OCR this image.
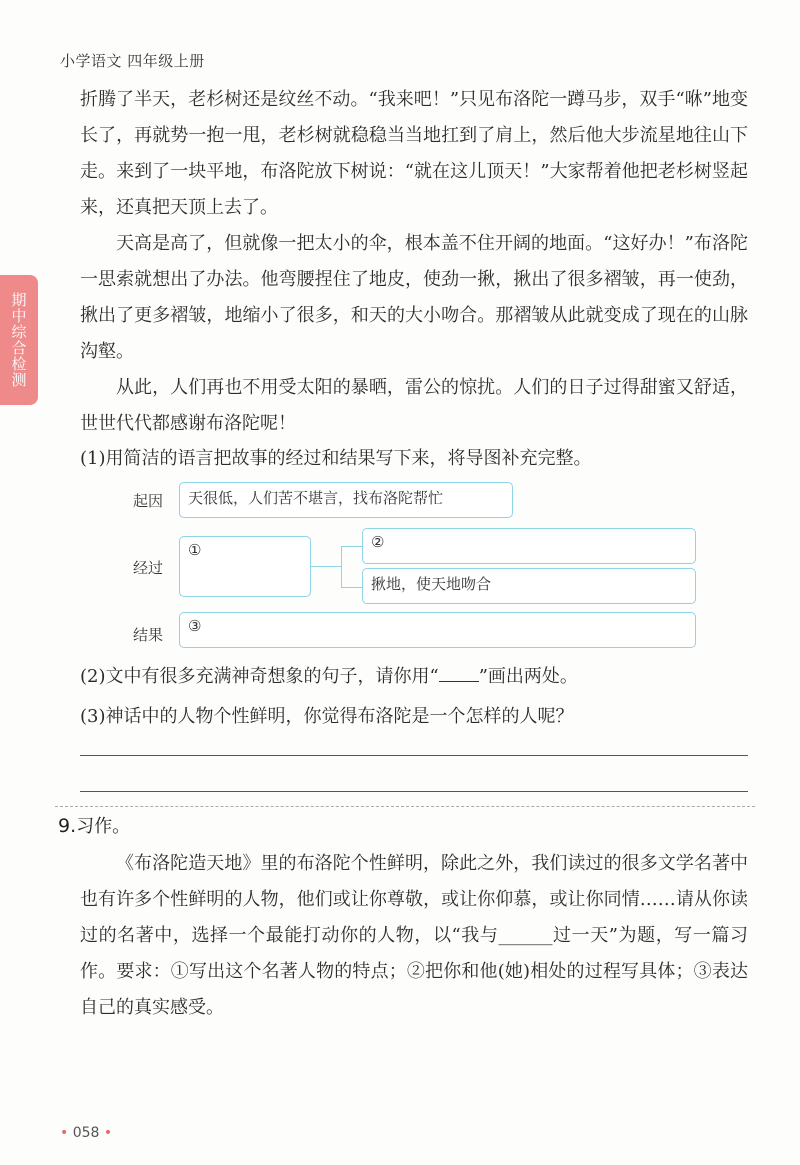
小学语文 四年级上册
期中综合检测

折腾了半天，老杉树还是纹丝不动。“我来吧！”只见布洛陀一蹲马步，双手“咻”地变长了，再就势一抱一甩，老杉树就稳稳当当地扛到了肩上，然后他大步流星地往山下走。来到了一块平地，布洛陀放下树说：“就在这儿顶天！”大家帮着他把老杉树竖起来，还真把天顶上去了。

天高是高了，但就像一把太小的伞，根本盖不住开阔的地面。“这好办！”布洛陀一思索就想出了办法。他弯腰捏住了地皮，使劲一揪，揪出了很多褶皱，再一使劲，揪出了更多褶皱，地缩小了很多，和天的大小吻合。那褶皱从此就变成了现在的山脉沟壑。

从此，人们再也不用受太阳的暴晒，雷公的惊扰。人们的日子过得甜蜜又舒适，世世代代都感谢布洛陀呢！

(1)用简洁的语言把故事的经过和结果写下来，将导图补充完整。

起因	天很低，人们苦不堪言，找布洛陀帮忙
经过
①	②
揪地，使天地吻合
结果	③

(2)文中有很多充满神奇想象的句子，请你用“ ”画出两处。

(3)神话中的人物个性鲜明，你觉得布洛陀是一个怎样的人呢？

9.习作。

《布洛陀造天地》里的布洛陀个性鲜明，除此之外，我们读过的很多文学名著中也有许多个性鲜明的人物，他们或让你尊敬，或让你仰慕，或让你同情……请从你读过的名著中，选择一个最能打动你的人物，以“我与______过一天”为题，写一篇习作。要求：①写出这个名著人物的特点；②把你和他(她)相处的过程写具体；③表达自己的真实感受。

• 058 •
